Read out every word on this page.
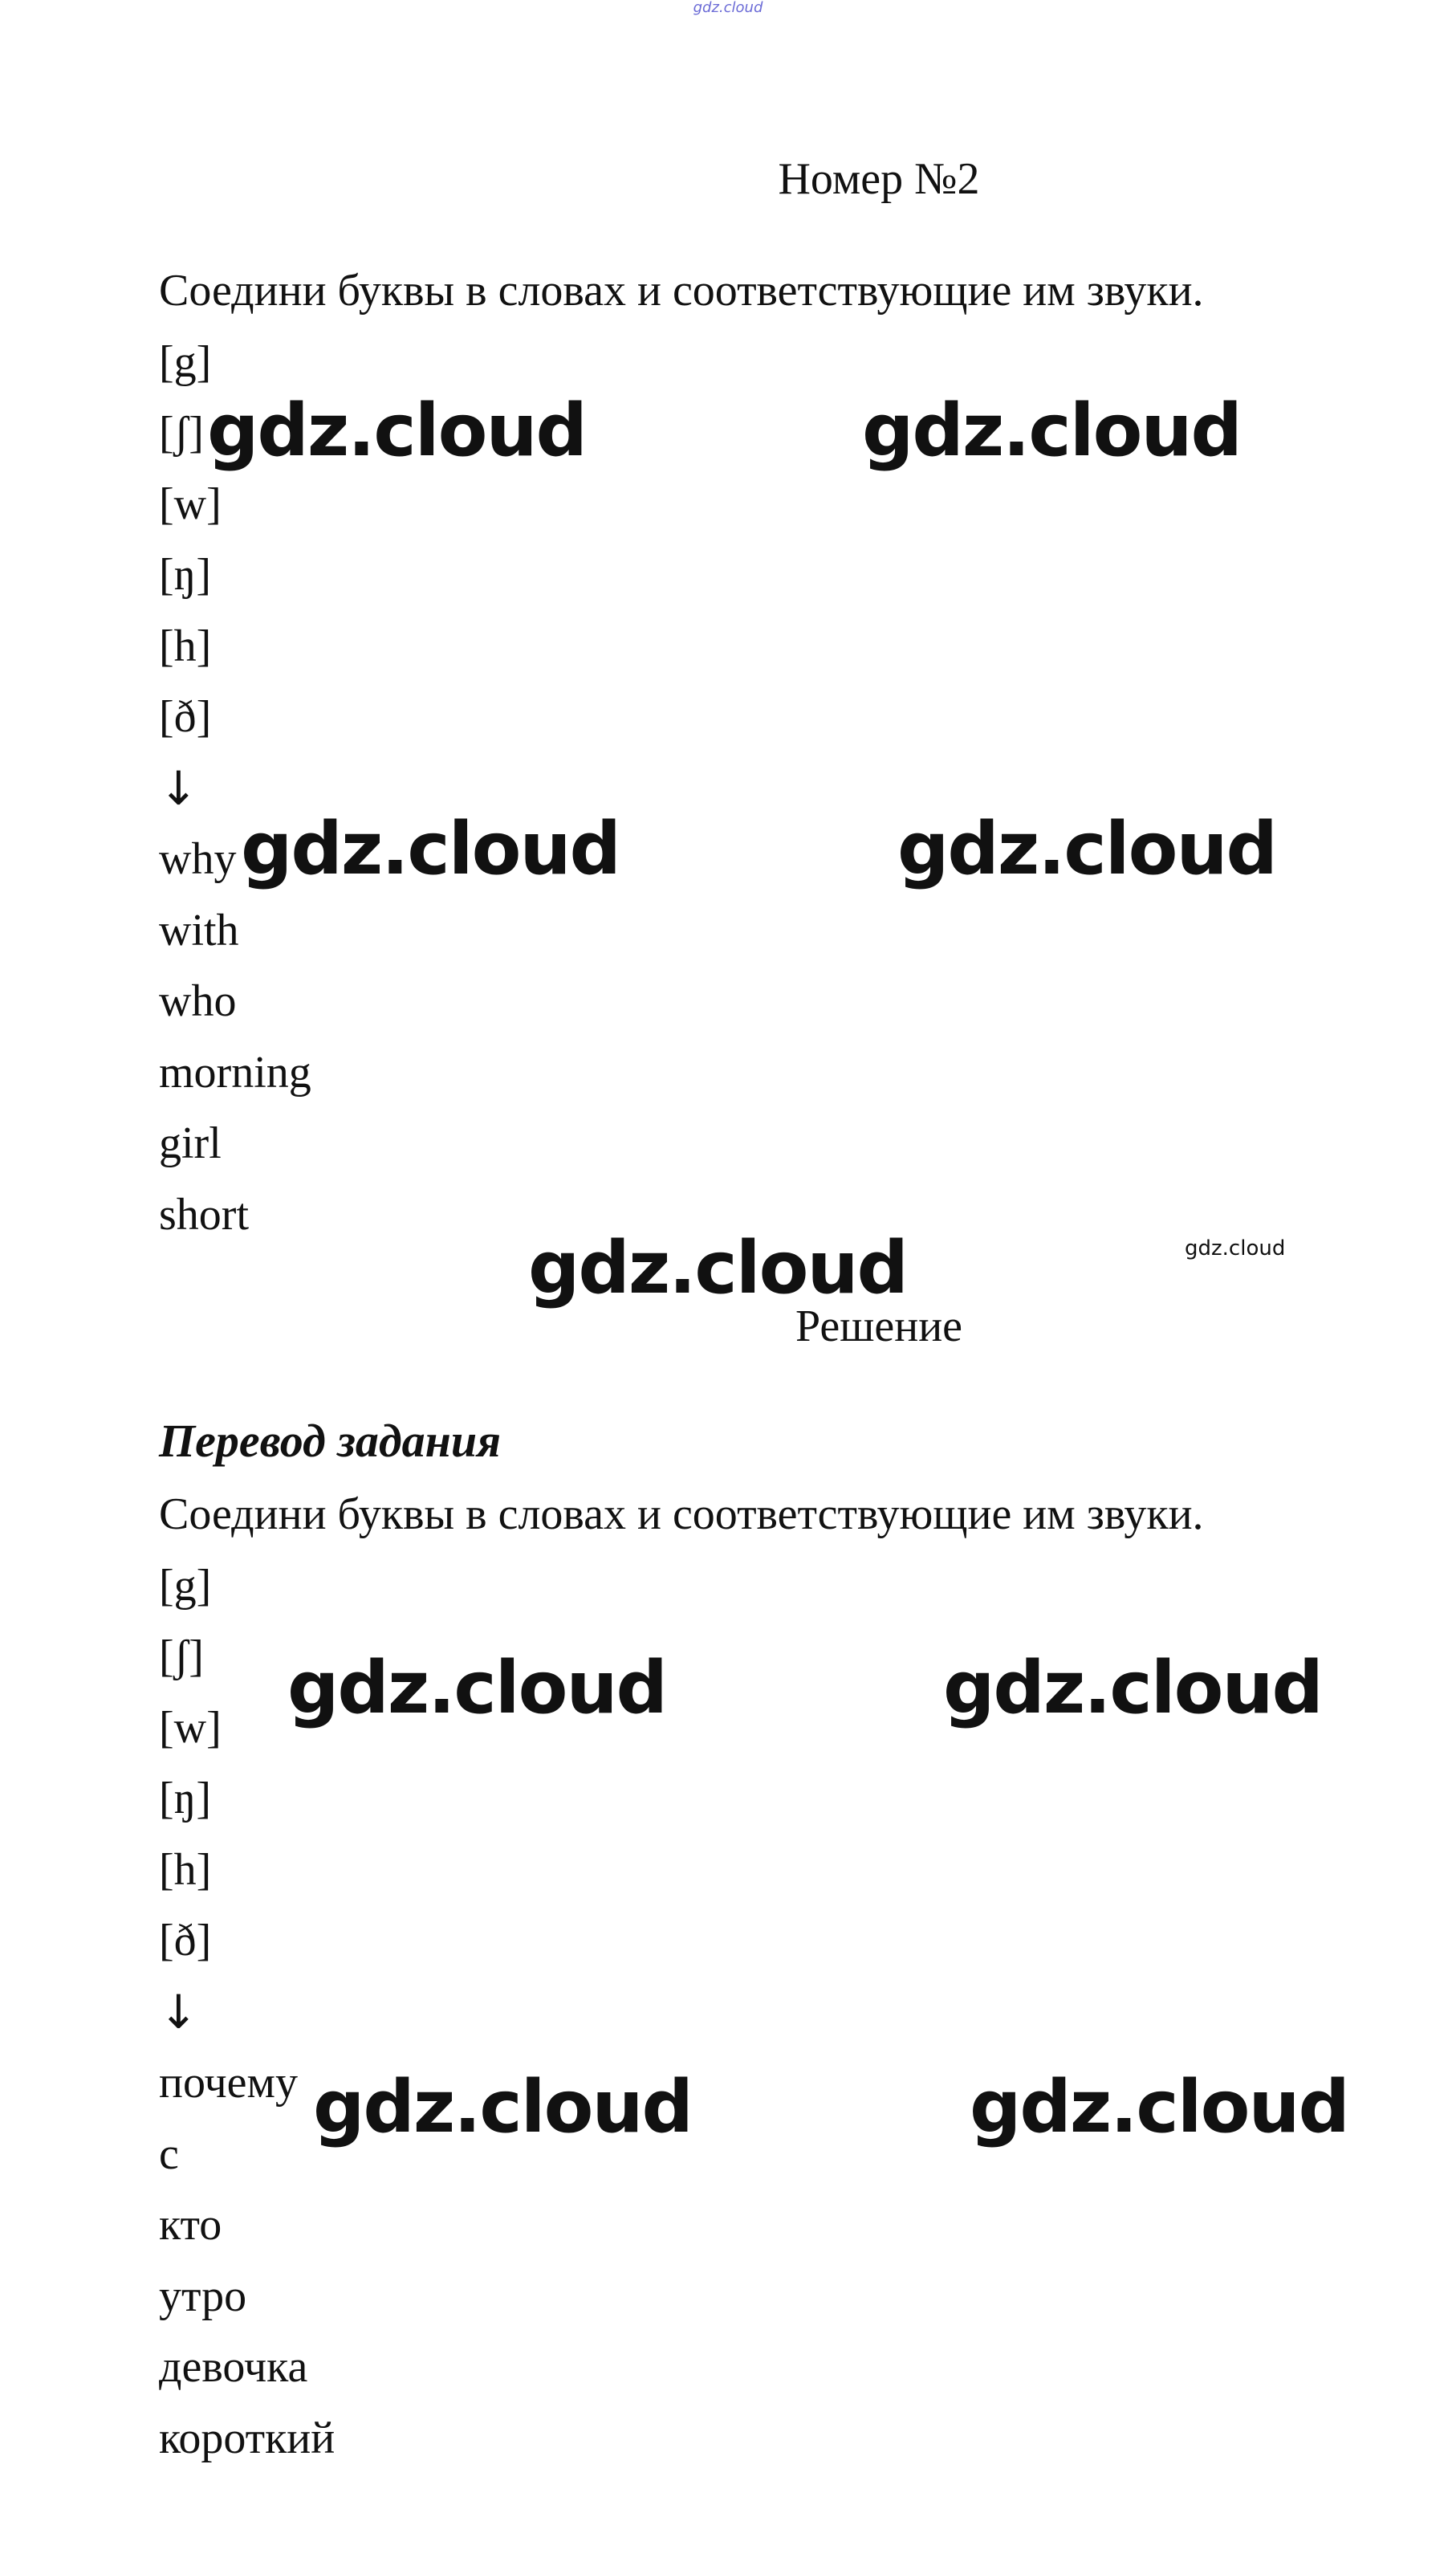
gdz.cloud
Номер №2
Соедини буквы в словах и соответствующие им звуки.
[g]
[ʃ]
[w]
[ŋ]
[h]
[ð]
↓
why
with
who
morning
girl
short
Решение
Перевод задания
Соедини буквы в словах и соответствующие им звуки.
[g]
[ʃ]
[w]
[ŋ]
[h]
[ð]
↓
почему
с
кто
утро
девочка
короткий
gdz.cloud	gdz.cloud
gdz.cloud	gdz.cloud
gdz.cloud	gdz.cloud
gdz.cloud	gdz.cloud
gdz.cloud	gdz.cloud
